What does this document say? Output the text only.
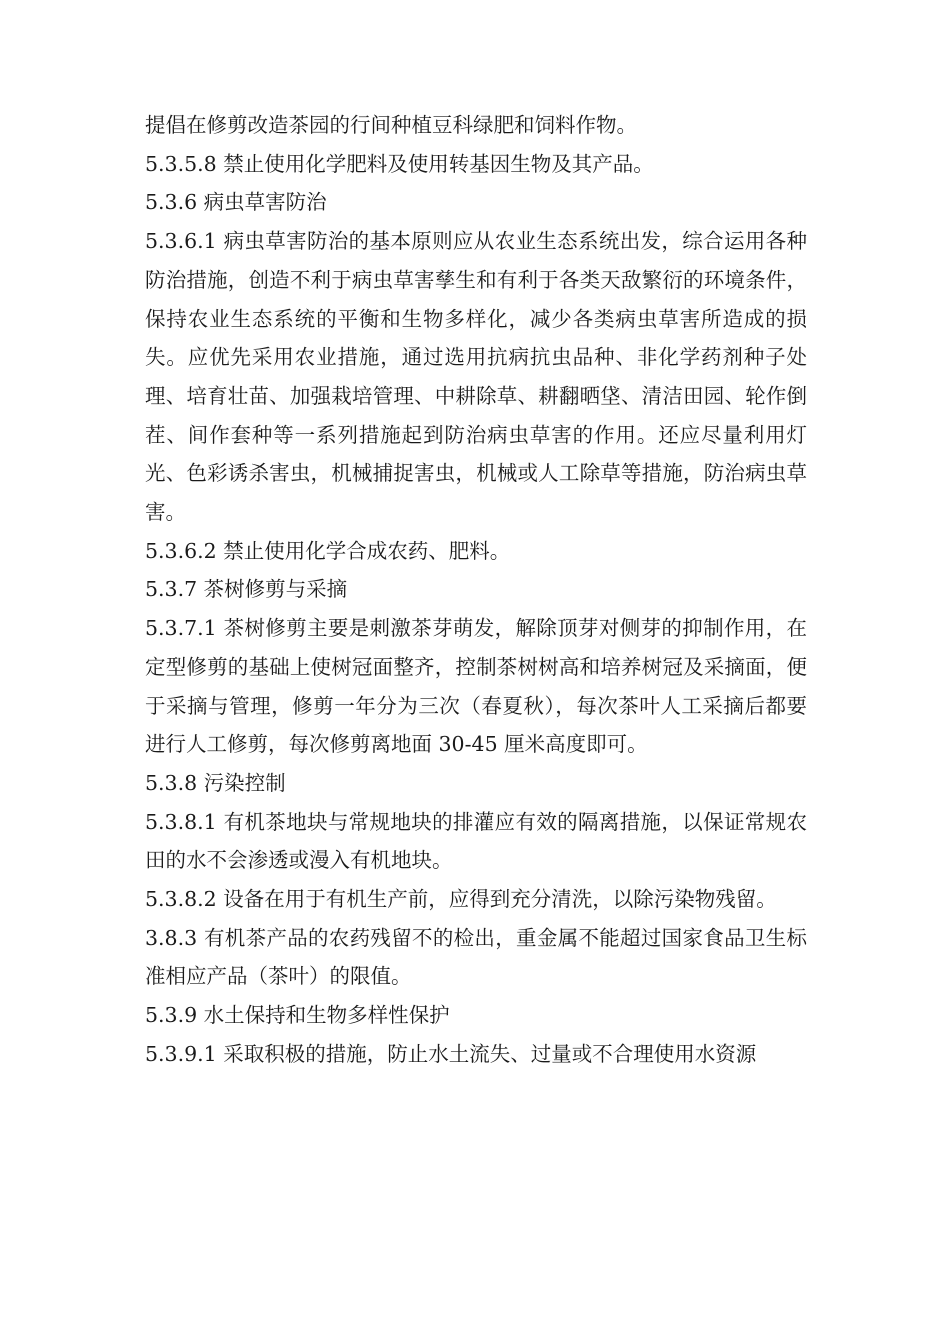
提倡在修剪改造茶园的行间种植豆科绿肥和饲料作物。

5.3.5.8 禁止使用化学肥料及使用转基因生物及其产品。

5.3.6 病虫草害防治

5.3.6.1 病虫草害防治的基本原则应从农业生态系统出发，综合运用各种防治措施，创造不利于病虫草害孳生和有利于各类天敌繁衍的环境条件，保持农业生态系统的平衡和生物多样化，减少各类病虫草害所造成的损失。应优先采用农业措施，通过选用抗病抗虫品种、非化学药剂种子处理、培育壮苗、加强栽培管理、中耕除草、耕翻晒垡、清洁田园、轮作倒茬、间作套种等一系列措施起到防治病虫草害的作用。还应尽量利用灯光、色彩诱杀害虫，机械捕捉害虫，机械或人工除草等措施，防治病虫草害。

5.3.6.2 禁止使用化学合成农药、肥料。

5.3.7 茶树修剪与采摘

5.3.7.1 茶树修剪主要是刺激茶芽萌发，解除顶芽对侧芽的抑制作用，在定型修剪的基础上使树冠面整齐，控制茶树树高和培养树冠及采摘面，便于采摘与管理，修剪一年分为三次（春夏秋），每次茶叶人工采摘后都要进行人工修剪，每次修剪离地面 30-45 厘米高度即可。

5.3.8 污染控制

5.3.8.1 有机茶地块与常规地块的排灌应有效的隔离措施，以保证常规农田的水不会渗透或漫入有机地块。

5.3.8.2 设备在用于有机生产前，应得到充分清洗，以除污染物残留。

3.8.3 有机茶产品的农药残留不的检出，重金属不能超过国家食品卫生标准相应产品（茶叶）的限值。

5.3.9 水土保持和生物多样性保护

5.3.9.1 采取积极的措施，防止水土流失、过量或不合理使用水资源
